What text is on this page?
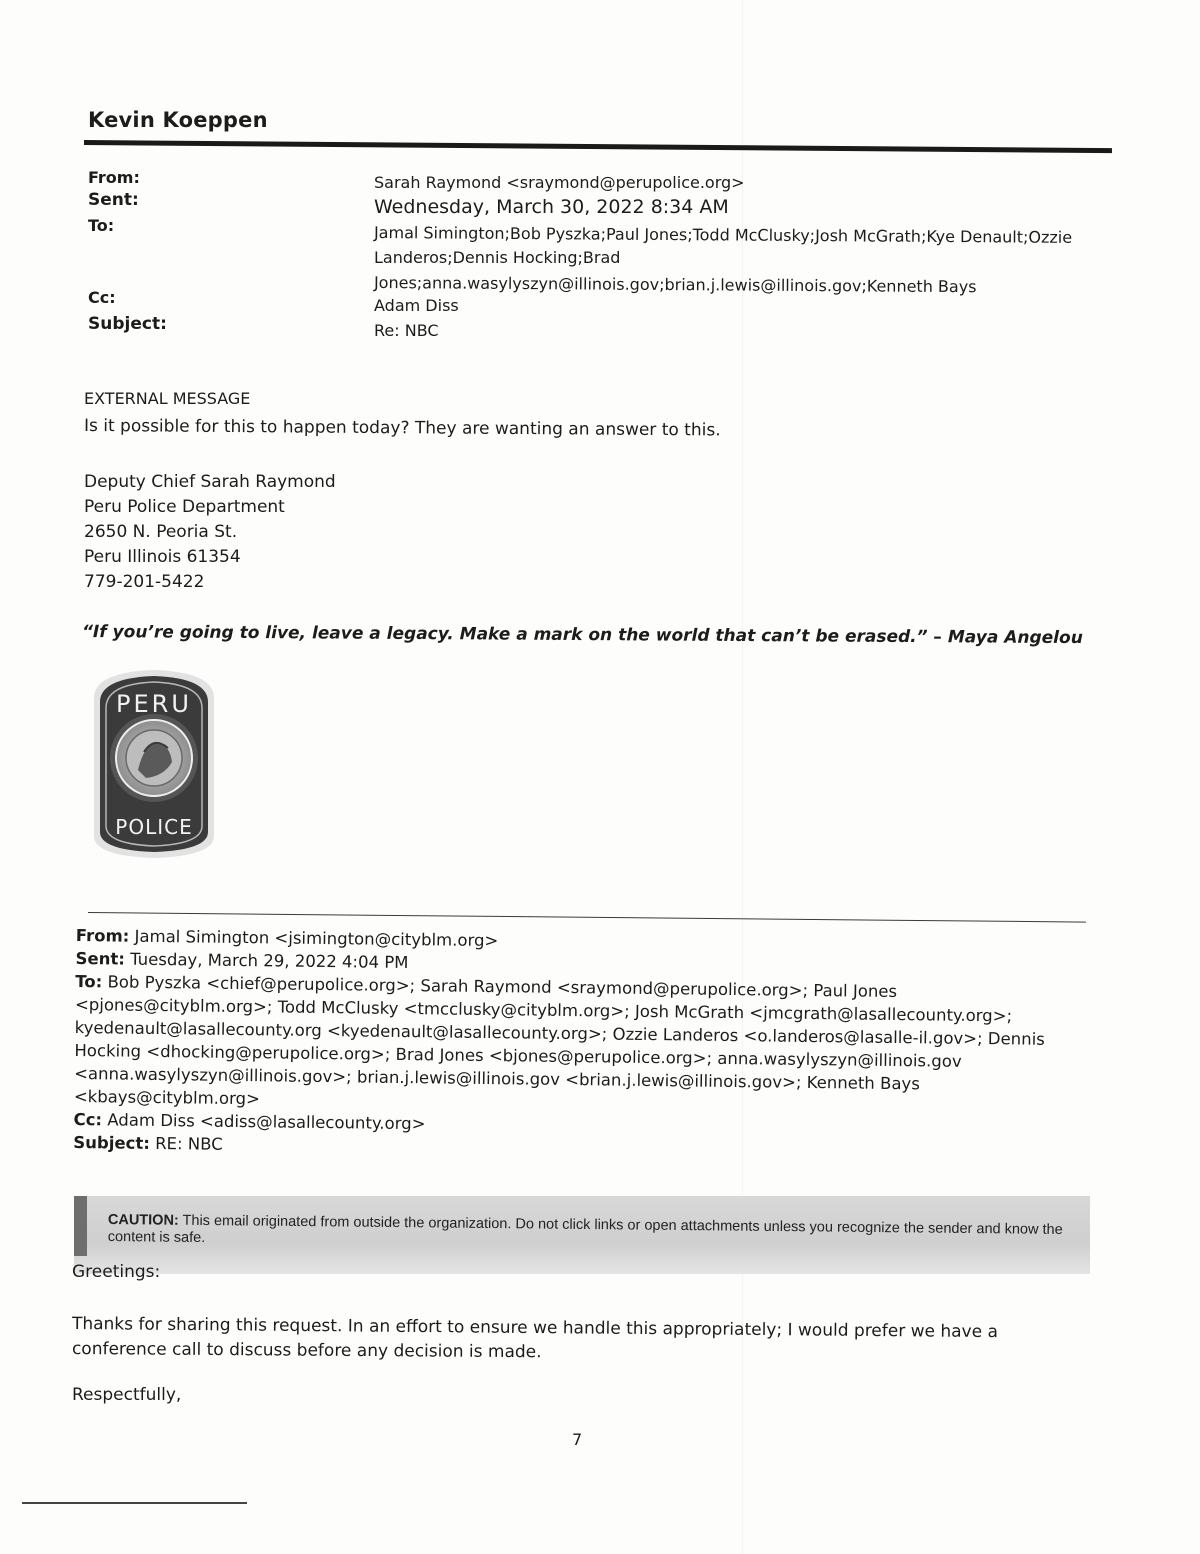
Kevin Koeppen
From:	Sarah Raymond <sraymond@perupolice.org>
Sent:	Wednesday, March 30, 2022 8:34 AM
To:	Jamal Simington;Bob Pyszka;Paul Jones;Todd McClusky;Josh McGrath;Kye Denault;Ozzie
Landeros;Dennis Hocking;Brad
Jones;anna.wasylyszyn@illinois.gov;brian.j.lewis@illinois.gov;Kenneth Bays
Cc:	Adam Diss
Subject:	Re: NBC
EXTERNAL MESSAGE
Is it possible for this to happen today? They are wanting an answer to this.
Deputy Chief Sarah Raymond
Peru Police Department
2650 N. Peoria St.
Peru Illinois 61354
779-201-5422
“If you’re going to live, leave a legacy. Make a mark on the world that can’t be erased.” – Maya Angelou
PERU
POLICE
From: Jamal Simington <jsimington@cityblm.org>
Sent: Tuesday, March 29, 2022 4:04 PM
To: Bob Pyszka <chief@perupolice.org>; Sarah Raymond <sraymond@perupolice.org>; Paul Jones
<pjones@cityblm.org>; Todd McClusky <tmcclusky@cityblm.org>; Josh McGrath <jmcgrath@lasallecounty.org>;
kyedenault@lasallecounty.org <kyedenault@lasallecounty.org>; Ozzie Landeros <o.landeros@lasalle-il.gov>; Dennis
Hocking <dhocking@perupolice.org>; Brad Jones <bjones@perupolice.org>; anna.wasylyszyn@illinois.gov
<anna.wasylyszyn@illinois.gov>; brian.j.lewis@illinois.gov <brian.j.lewis@illinois.gov>; Kenneth Bays
<kbays@cityblm.org>
Cc: Adam Diss <adiss@lasallecounty.org>
Subject: RE: NBC
CAUTION: This email originated from outside the organization. Do not click links or open attachments unless you recognize the sender and know the content is safe.
Greetings:
Thanks for sharing this request. In an effort to ensure we handle this appropriately; I would prefer we have a
conference call to discuss before any decision is made.
Respectfully,
7
